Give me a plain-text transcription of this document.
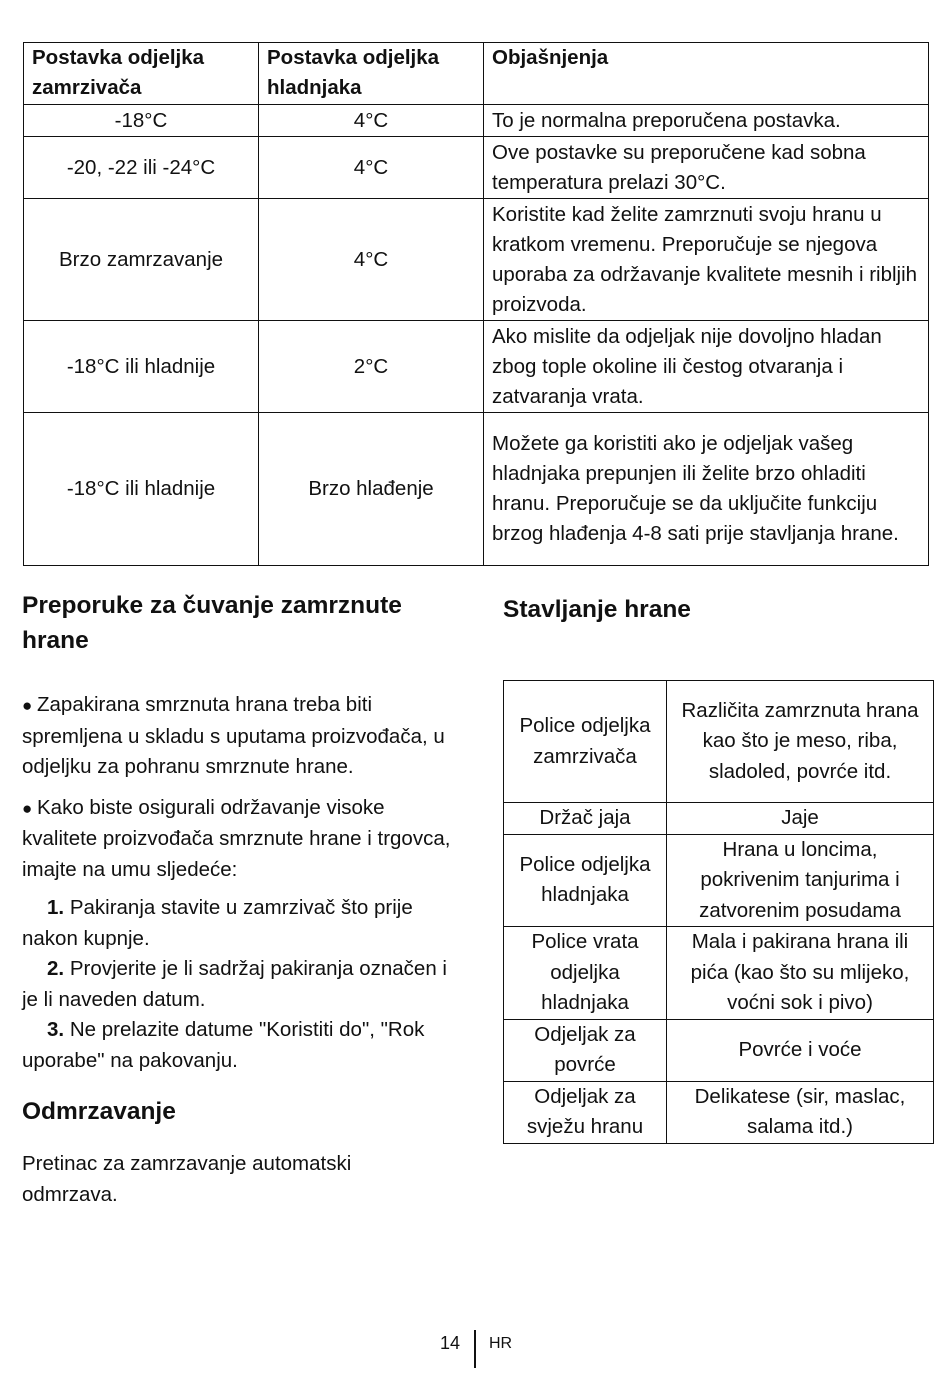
Postavka odjeljka zamrzivača	Postavka odjeljka hladnjaka	Objašnjenja
-18°C	4°C	To je normalna preporučena postavka.
-20, -22 ili -24°C	4°C	Ove postavke su preporučene kad sobna temperatura prelazi 30°C.
Brzo zamrzavanje	4°C	Koristite kad želite zamrznuti svoju hranu u kratkom vremenu. Preporučuje se njegova uporaba za održavanje kvalitete mesnih i ribljih proizvoda.
-18°C ili hladnije	2°C	Ako mislite da odjeljak nije dovoljno hladan zbog tople okoline ili čestog otvaranja i zatvaranja vrata.
-18°C ili hladnije	Brzo hlađenje	Možete ga koristiti ako je odjeljak vašeg hladnjaka prepunjen ili želite brzo ohladiti hranu. Preporučuje se da uključite funkciju brzog hlađenja 4-8 sati prije stavljanja hrane.
Preporuke za čuvanje zamrznute hrane

● Zapakirana smrznuta hrana treba biti spremljena u skladu s uputama proizvođača, u odjeljku za pohranu smrznute hrane.

● Kako biste osigurali održavanje visoke kvalitete proizvođača smrznute hrane i trgovca, imajte na umu sljedeće:

1. Pakiranja stavite u zamrzivač što prije nakon kupnje.

2. Provjerite je li sadržaj pakiranja označen i je li naveden datum.

3. Ne prelazite datume "Koristiti do", "Rok uporabe" na pakovanju.

Odmrzavanje

Pretinac za zamrzavanje automatski odmrzava.

Stavljanje hrane
Police odjeljka zamrzivača	Različita zamrznuta hrana kao što je meso, riba, sladoled, povrće itd.
Držač jaja	Jaje
Police odjeljka hladnjaka	Hrana u loncima, pokrivenim tanjurima i zatvorenim posudama
Police vrata odjeljka hladnjaka	Mala i pakirana hrana ili pića (kao što su mlijeko, voćni sok i pivo)
Odjeljak za povrće	Povrće i voće
Odjeljak za svježu hranu	Delikatese (sir, maslac, salama itd.)
14 HR
